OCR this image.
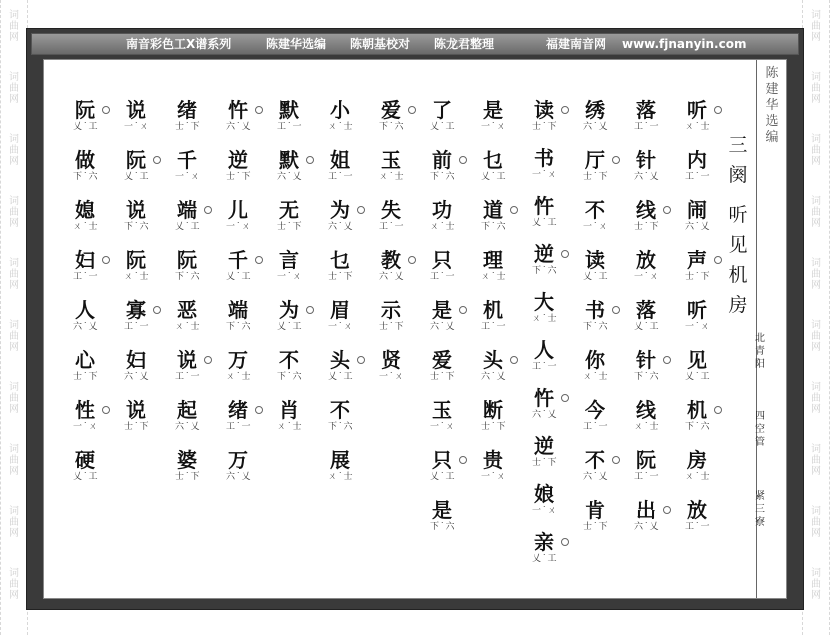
词
曲
网
词
曲
网
词
曲
网
词
曲
网
词
曲
网
词
曲
网
词
曲
网
词
曲
网
词
曲
网
词
曲
网
词
曲
网
词
曲
网
词
曲
网
词
曲
网
词
曲
网
词
曲
网
词
曲
网
词
曲
网
词
曲
网
词
曲
网
南音彩色工X谱系列	陈建华选编 陈朝基校对 陈龙君整理	福建南音网 www.fjnanyin.com
陈
建
华
选
编
三
阕
听
见
机
房
北
青
阳
四
空
管
紧
三
寮
听
ㄨ˙士
内
工˙一
闹
六˙乂
声
士˙下
听
一˙ㄨ
见
乂˙工
机
下˙六
房
ㄨ˙士
放
工˙一
落
工˙一
针
六˙乂
线
士˙下
放
一˙ㄨ
落
乂˙工
针
下˙六
线
ㄨ˙士
阮
工˙一
出
六˙乂
绣
六˙乂
厅
士˙下
不
一˙ㄨ
读
乂˙工
书
下˙六
你
ㄨ˙士
今
工˙一
不
六˙乂
肯
士˙下
读
士˙下
书
一˙ㄨ
忤
乂˙工
逆
下˙六
大
ㄨ˙士
人
工˙一
忤
六˙乂
逆
士˙下
娘
一˙ㄨ
亲
乂˙工
是
一˙ㄨ
乜
乂˙工
道
下˙六
理
ㄨ˙士
机
工˙一
头
六˙乂
断
士˙下
贵
一˙ㄨ
了
乂˙工
前
下˙六
功
ㄨ˙士
只
工˙一
是
六˙乂
爱
士˙下
玉
一˙ㄨ
只
乂˙工
是
下˙六
爱
下˙六
玉
ㄨ˙士
失
工˙一
教
六˙乂
示
士˙下
贤
一˙ㄨ
小
ㄨ˙士
姐
工˙一
为
六˙乂
乜
士˙下
眉
一˙ㄨ
头
乂˙工
不
下˙六
展
ㄨ˙士
默
工˙一
默
六˙乂
无
士˙下
言
一˙ㄨ
为
乂˙工
不
下˙六
肖
ㄨ˙士
忤
六˙乂
逆
士˙下
儿
一˙ㄨ
千
乂˙工
端
下˙六
万
ㄨ˙士
绪
工˙一
万
六˙乂
绪
士˙下
千
一˙ㄨ
端
乂˙工
阮
下˙六
恶
ㄨ˙士
说
工˙一
起
六˙乂
婆
士˙下
说
一˙ㄨ
阮
乂˙工
说
下˙六
阮
ㄨ˙士
寡
工˙一
妇
六˙乂
说
士˙下
阮
乂˙工
做
下˙六
媳
ㄨ˙士
妇
工˙一
人
六˙乂
心
士˙下
性
一˙ㄨ
硬
乂˙工
